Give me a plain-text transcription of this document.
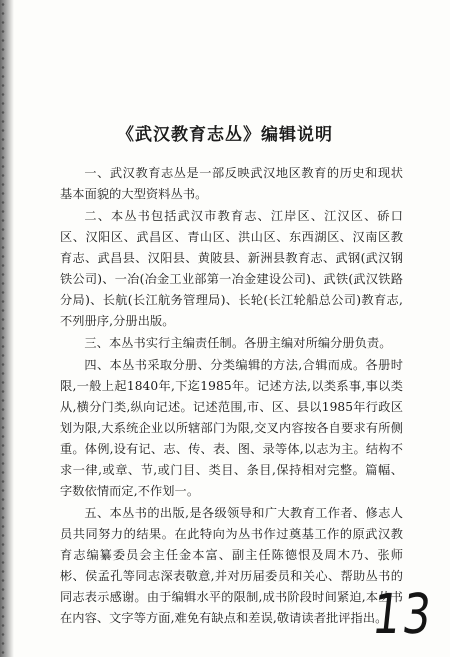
《武汉教育志丛》编辑说明

一、武汉教育志丛是一部反映武汉地区教育的历史和现状基本面貌的大型资料丛书。

二、本丛书包括武汉市教育志、江岸区、江汉区、硚口区、汉阳区、武昌区、青山区、洪山区、东西湖区、汉南区教育志、武昌县、汉阳县、黄陂县、新洲县教育志、武钢(武汉钢铁公司)、一冶(冶金工业部第一冶金建设公司)、武铁(武汉铁路分局)、长航(长江航务管理局)、长轮(长江轮船总公司)教育志,不列册序,分册出版。

三、本丛书实行主编责任制。各册主编对所编分册负责。

四、本丛书采取分册、分类编辑的方法,合辑而成。各册时限,一般上起1840年,下迄1985年。记述方法,以类系事,事以类从,横分门类,纵向记述。记述范围,市、区、县以1985年行政区划为限,大系统企业以所辖部门为限,交叉内容按各自要求有所侧重。体例,设有记、志、传、表、图、录等体,以志为主。结构不求一律,或章、节,或门目、类目、条目,保持相对完整。篇幅、字数依情而定,不作划一。

五、本丛书的出版,是各级领导和广大教育工作者、修志人员共同努力的结果。在此特向为丛书作过奠基工作的原武汉教育志编纂委员会主任金本富、副主任陈德恨及周木乃、张师彬、侯孟孔等同志深表敬意,并对历届委员和关心、帮助丛书的同志表示感谢。由于编辑水平的限制,成书阶段时间紧迫,本丛书在内容、文字等方面,难免有缺点和差误,敬请读者批评指出。

13
